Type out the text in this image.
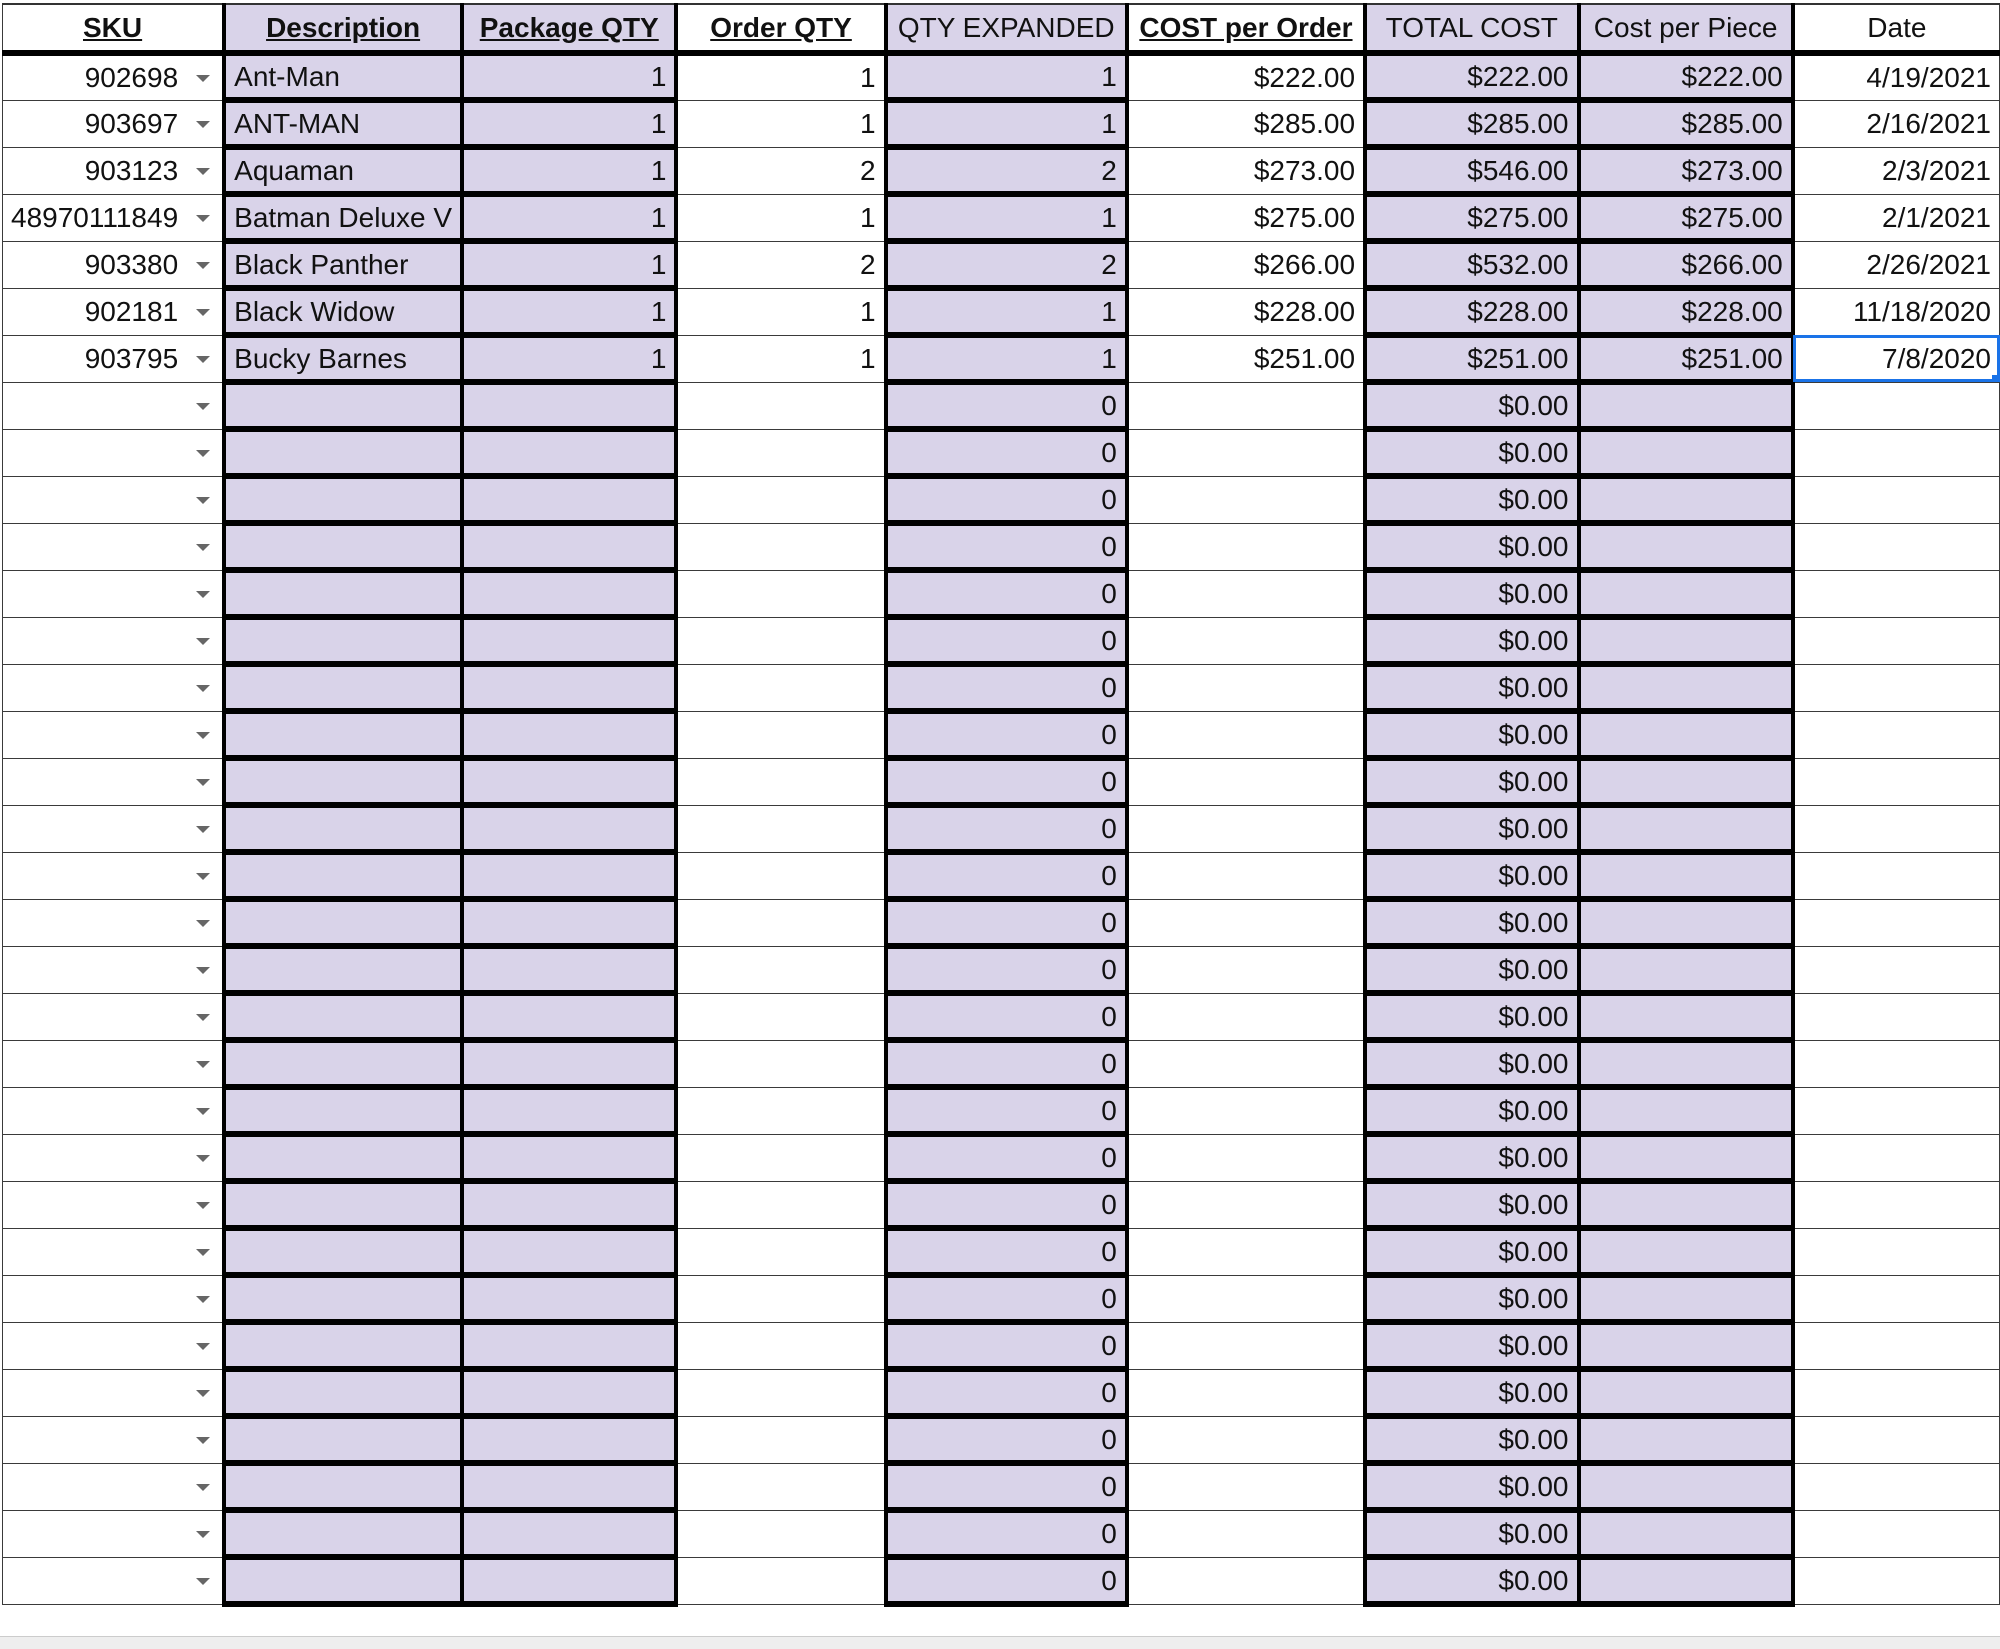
SKU	Description	Package QTY	Order QTY	QTY EXPANDED	COST per Order	TOTAL COST	Cost per Piece	Date
902698	Ant-Man	1	1	1	$222.00	$222.00	$222.00	4/19/2021
903697	ANT-MAN	1	1	1	$285.00	$285.00	$285.00	2/16/2021
903123	Aquaman	1	2	2	$273.00	$546.00	$273.00	2/3/2021
48970111849	Batman Deluxe V	1	1	1	$275.00	$275.00	$275.00	2/1/2021
903380	Black Panther	1	2	2	$266.00	$532.00	$266.00	2/26/2021
902181	Black Widow	1	1	1	$228.00	$228.00	$228.00	11/18/2020
903795	Bucky Barnes	1	1	1	$251.00	$251.00	$251.00	7/8/2020

				0		$0.00		

				0		$0.00		

				0		$0.00		

				0		$0.00		

				0		$0.00		

				0		$0.00		

				0		$0.00		

				0		$0.00		

				0		$0.00		

				0		$0.00		

				0		$0.00		

				0		$0.00		

				0		$0.00		

				0		$0.00		

				0		$0.00		

				0		$0.00		

				0		$0.00		

				0		$0.00		

				0		$0.00		

				0		$0.00		

				0		$0.00		

				0		$0.00		

				0		$0.00		

				0		$0.00		

				0		$0.00		

				0		$0.00		
